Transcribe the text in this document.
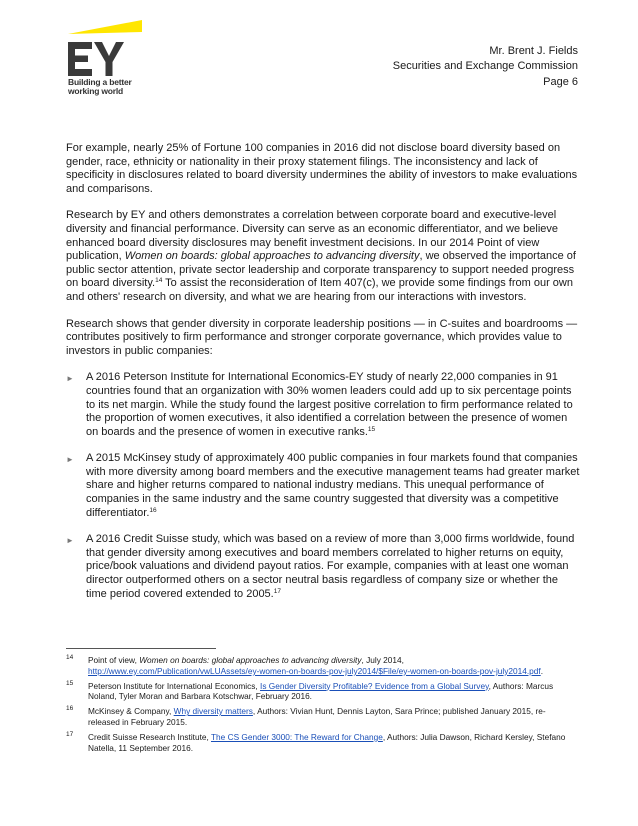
Building a better
working world
Mr. Brent J. Fields
Securities and Exchange Commission
Page 6

For example, nearly 25% of Fortune 100 companies in 2016 did not disclose board diversity based on gender, race, ethnicity or nationality in their proxy statement filings. The inconsistency and lack of specificity in disclosures related to board diversity undermines the ability of investors to make evaluations and comparisons.

Research by EY and others demonstrates a correlation between corporate board and executive-level diversity and financial performance. Diversity can serve as an economic differentiator, and we believe enhanced board diversity disclosures may benefit investment decisions. In our 2014 Point of view publication, Women on boards: global approaches to advancing diversity, we observed the importance of public sector attention, private sector leadership and corporate transparency to support needed progress on board diversity.$^{14}$ To assist the reconsideration of Item 407(c), we provide some findings from our own and others' research on diversity, and what we are hearing from our interactions with investors.

Research shows that gender diversity in corporate leadership positions — in C-suites and boardrooms — contributes positively to firm performance and stronger corporate governance, which provides value to investors in public companies:

► A 2016 Peterson Institute for International Economics-EY study of nearly 22,000 companies in 91 countries found that an organization with 30% women leaders could add up to six percentage points to its net margin. While the study found the largest positive correlation to firm performance related to the proportion of women executives, it also identified a correlation between the presence of women on boards and the presence of women in executive ranks.$^{15}$
► A 2015 McKinsey study of approximately 400 public companies in four markets found that companies with more diversity among board members and the executive management teams had greater market share and higher returns compared to national industry medians. This unequal performance of companies in the same industry and the same country suggested that diversity was a competitive differentiator.$^{16}$
► A 2016 Credit Suisse study, which was based on a review of more than 3,000 firms worldwide, found that gender diversity among executives and board members correlated to higher returns on equity, price/book valuations and dividend payout ratios. For example, companies with at least one woman director outperformed others on a sector neutral basis regardless of company size or whether the time period covered extended to 2005.17
14 Point of view, Women on boards: global approaches to advancing diversity, July 2014, http://www.ey.com/Publication/vwLUAssets/ey-women-on-boards-pov-july2014/$File/ey-women-on-boards-pov-july2014.pdf.
15 Peterson Institute for International Economics, Is Gender Diversity Profitable? Evidence from a Global Survey, Authors: Marcus Noland, Tyler Moran and Barbara Kotschwar, February 2016.
16 McKinsey & Company, Why diversity matters, Authors: Vivian Hunt, Dennis Layton, Sara Prince; published January 2015, re-released in February 2015.
17 Credit Suisse Research Institute, The CS Gender 3000: The Reward for Change, Authors: Julia Dawson, Richard Kersley, Stefano Natella, 11 September 2016.
